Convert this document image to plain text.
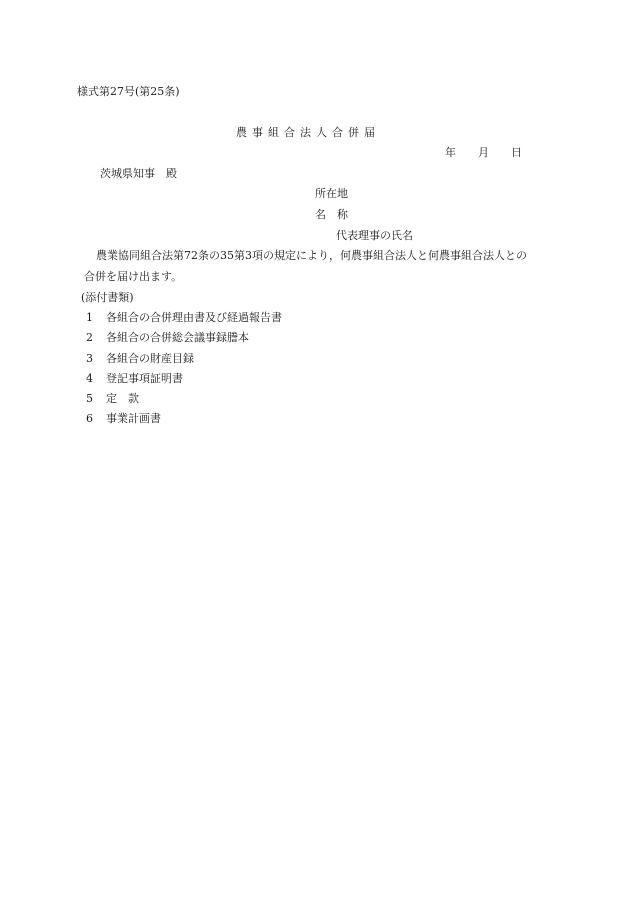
様式第27号(第25条)
農事組合法人合併届
年 月 日
茨城県知事　殿
所在地
名　称
代表理事の氏名
農業協同組合法第72条の35第3項の規定により，何農事組合法人と何農事組合法人との
合併を届け出ます。
(添付書類)
1 各組合の合併理由書及び経過報告書
2 各組合の合併総会議事録謄本
3 各組合の財産目録
4 登記事項証明書
5 定　款
6 事業計画書
